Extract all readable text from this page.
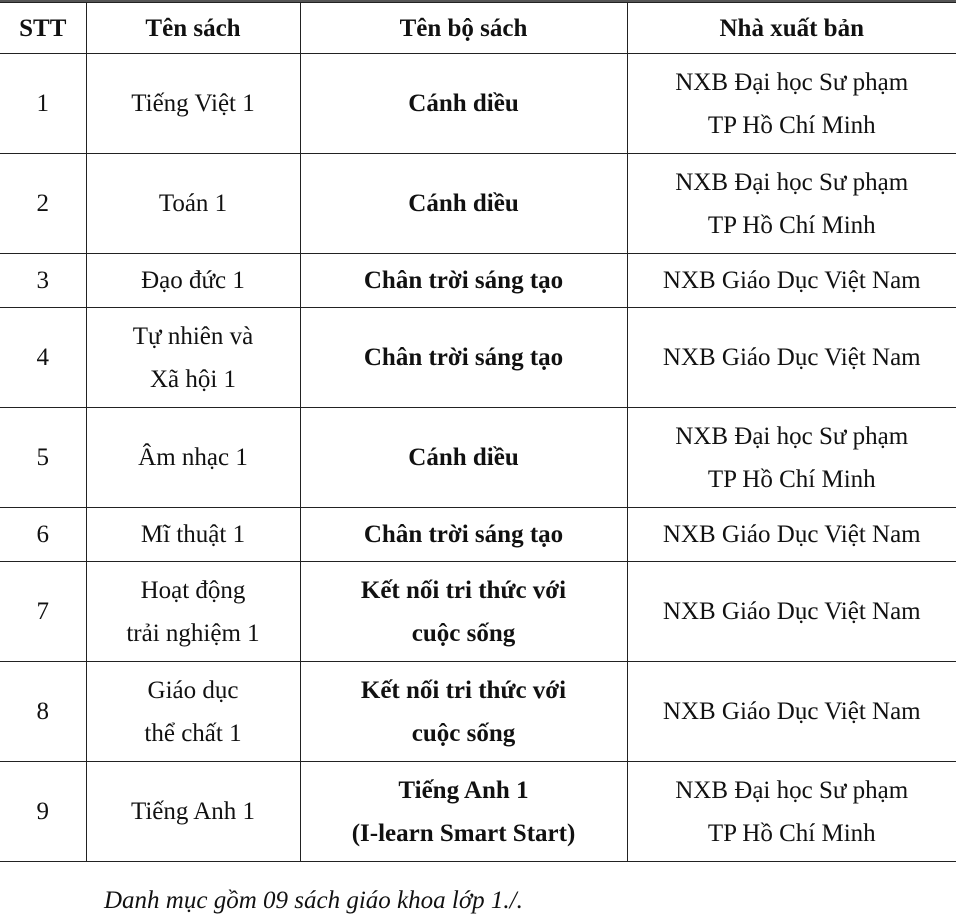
STT	Tên sách	Tên bộ sách	Nhà xuất bản
1	Tiếng Việt 1	Cánh diều	NXB Đại học Sư phạm
TP Hồ Chí Minh

2	Toán 1	Cánh diều	NXB Đại học Sư phạm
TP Hồ Chí Minh

3	Đạo đức 1	Chân trời sáng tạo	NXB Giáo Dục Việt Nam

4	Tự nhiên và
Xã hội 1	Chân trời sáng tạo	NXB Giáo Dục Việt Nam

5	Âm nhạc 1	Cánh diều	NXB Đại học Sư phạm
TP Hồ Chí Minh

6	Mĩ thuật 1	Chân trời sáng tạo	NXB Giáo Dục Việt Nam

7	Hoạt động
trải nghiệm 1	Kết nối tri thức với
cuộc sống	NXB Giáo Dục Việt Nam

8	Giáo dục
thể chất 1	Kết nối tri thức với
cuộc sống	NXB Giáo Dục Việt Nam

9	Tiếng Anh 1	Tiếng Anh 1
(I-learn Smart Start)	NXB Đại học Sư phạm
TP Hồ Chí Minh
Danh mục gồm 09 sách giáo khoa lớp 1./.
